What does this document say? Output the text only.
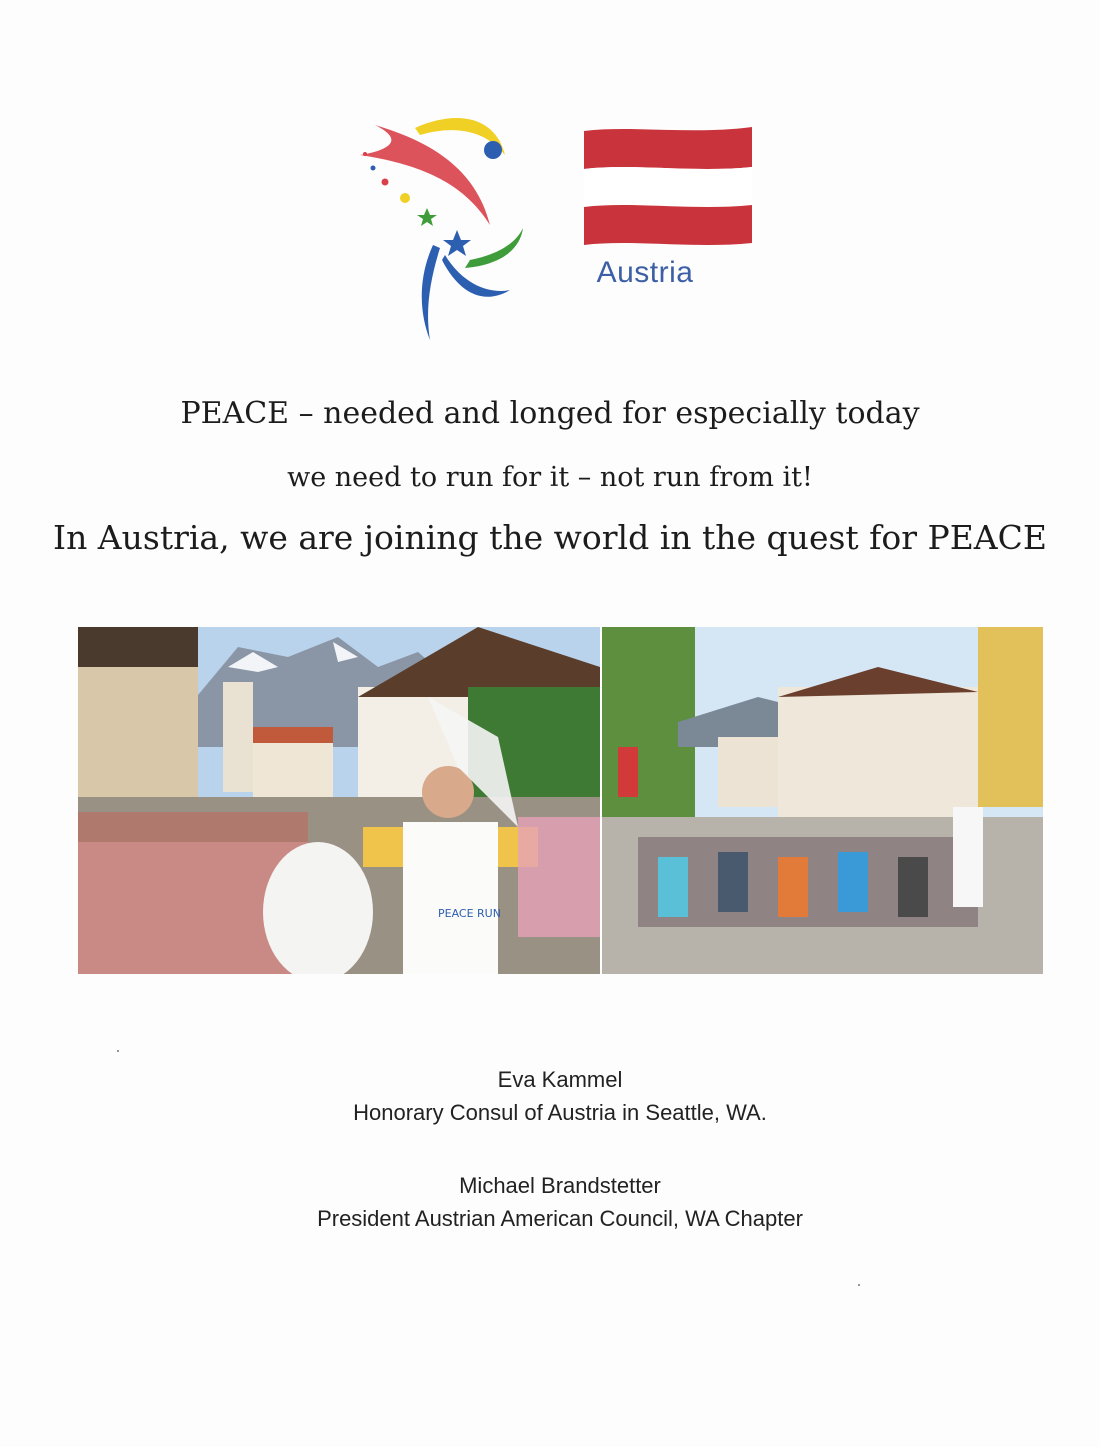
Austria
PEACE – needed and longed for especially today
we need to run for it – not run from it!
In Austria, we are joining the world in the quest for PEACE
PEACE RUN
Eva Kammel
Honorary Consul of Austria in Seattle, WA.
Michael Brandstetter
President Austrian American Council, WA Chapter
